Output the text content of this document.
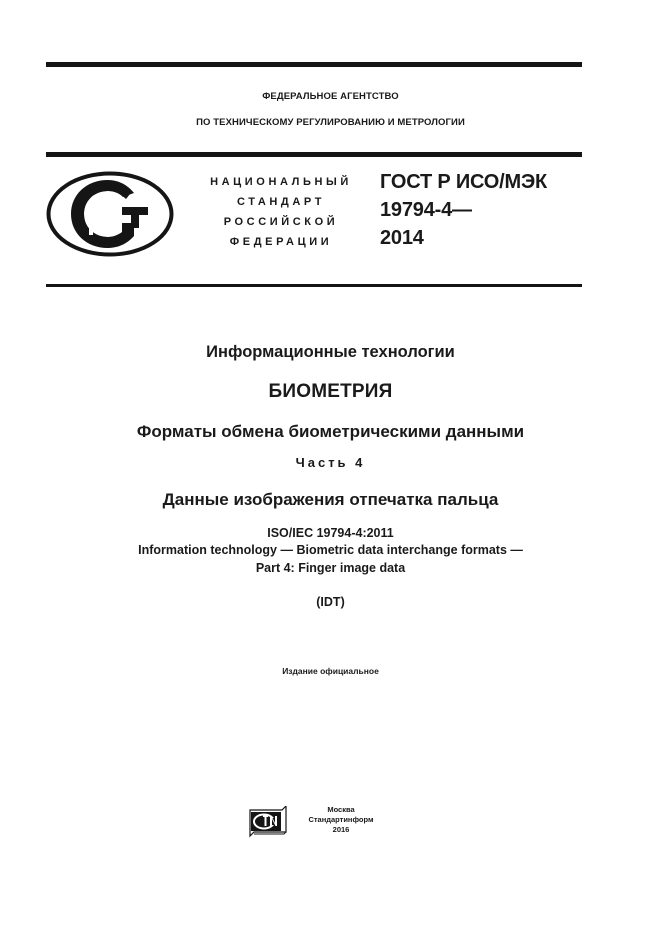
ФЕДЕРАЛЬНОЕ АГЕНТСТВО
ПО ТЕХНИЧЕСКОМУ РЕГУЛИРОВАНИЮ И МЕТРОЛОГИИ
НАЦИОНАЛЬНЫЙ
СТАНДАРТ
РОССИЙСКОЙ
ФЕДЕРАЦИИ
ГОСТ Р ИСО/МЭК
19794-4—
2014
Информационные технологии
БИОМЕТРИЯ
Форматы обмена биометрическими данными
Часть 4
Данные изображения отпечатка пальца
ISO/IEC 19794-4:2011
Information technology — Biometric data interchange formats —
Part 4: Finger image data
(IDT)
Издание официальное
Москва
Стандартинформ
2016
